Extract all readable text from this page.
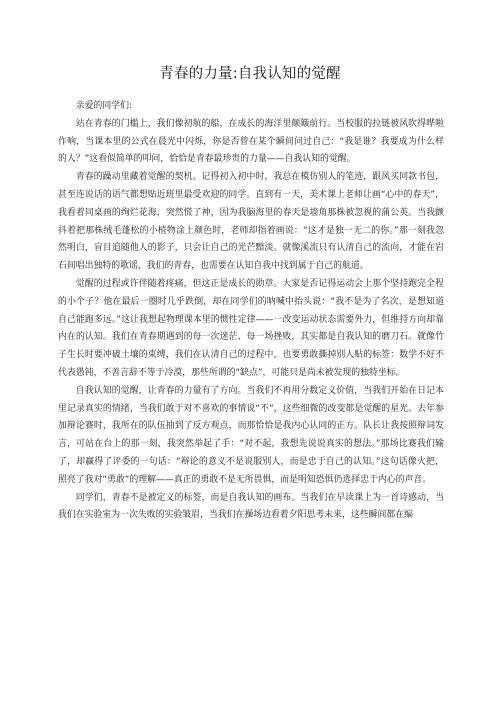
青春的力量:自我认知的觉醒

亲爱的同学们:

站在青春的门槛上，我们像初航的船，在成长的海洋里颠簸前行。当校服的拉链被风吹得哗啦作响，当课本里的公式在晨光中闪烁，你是否曾在某个瞬间问过自己：“我是谁？我要成为什么样的人？”这看似简单的叩问，恰恰是青春最珍贵的力量——自我认知的觉醒。

青春的躁动里藏着觉醒的契机。记得初入初中时，我总在模仿别人的笔迹，跟风买同款书包，甚至连说话的语气都想贴近班里最受欢迎的同学。直到有一天，美术课上老师让画“心中的春天”，我看着同桌画的绚烂花海，突然慌了神，因为我脑海里的春天是墙角那株被忽视的蒲公英。当我颤抖着把那株绒毛蓬松的小植物涂上颜色时，老师却指着画说：“这才是独一无二的你。”那一刻我忽然明白，盲目追随他人的影子，只会让自己的光芒黯淡。就像溪流只有认清自己的流向，才能在岩石间唱出独特的歌谣，我们的青春，也需要在认知自我中找到属于自己的航道。

觉醒的过程或许伴随着疼痛，但这正是成长的勋章。大家是否记得运动会上那个坚持跑完全程的小个子？他在最后一圈时几乎跌倒，却在同学们的呐喊中抬头说：“我不是为了名次，是想知道自己能跑多远。”这让我想起物理课本里的惯性定律——一改变运动状态需要外力，但维持方向却靠内在的认知。我们在青春期遇到的每一次迷茫、每一场挫败，其实都是自我认知的磨刀石。就像竹子生长时要冲破土壤的束缚，我们在认清自己的过程中，也要勇敢撕掉别人贴的标签：数学不好不代表愚钝，不善言辞不等于冷漠，那些所谓的“缺点”，可能只是尚未被发现的独特坐标。

自我认知的觉醒，让青春的力量有了方向。当我们不再用分数定义价值，当我们开始在日记本里记录真实的情绪，当我们敢于对不喜欢的事情说“不”，这些细微的改变都是觉醒的星光。去年参加辩论赛时，我所在的队伍抽到了反方观点，而那恰恰是我内心认同的正方。队长让我按照辩词发言，可站在台上的那一刻，我突然举起了手：“对不起，我想先说说真实的想法。”那场比赛我们输了，却赢得了评委的一句话：“辩论的意义不是说服别人，而是忠于自己的认知。”这句话像火把，照亮了我对“勇敢”的理解——真正的勇敢不是无所畏惧，而是明知恐惧仍选择忠于内心的声音。

同学们，青春不是被定义的标签，而是自我认知的画布。当我们在早读课上为一首诗感动，当我们在实验室为一次失败的实验皱眉，当我们在操场边看着夕阳思考未来，这些瞬间都在编
